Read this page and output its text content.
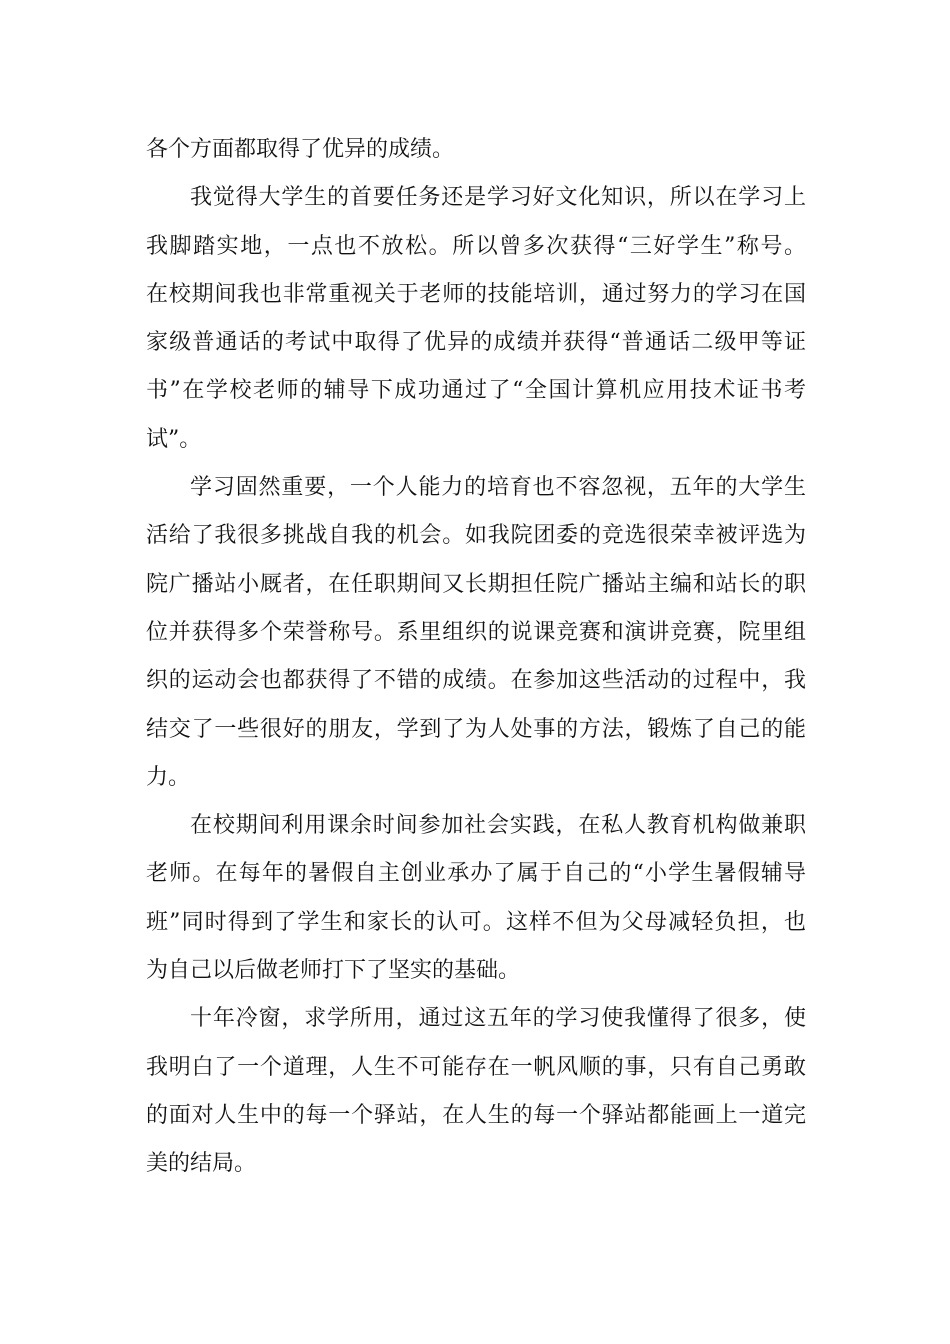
各个方面都取得了优异的成绩。
我觉得大学生的首要任务还是学习好文化知识，所以在学习上
我脚踏实地，一点也不放松。所以曾多次获得“三好学生”称号。
在校期间我也非常重视关于老师的技能培训，通过努力的学习在国
家级普通话的考试中取得了优异的成绩并获得“普通话二级甲等证
书”在学校老师的辅导下成功通过了“全国计算机应用技术证书考
试”。
学习固然重要，一个人能力的培育也不容忽视，五年的大学生
活给了我很多挑战自我的机会。如我院团委的竞选很荣幸被评选为
院广播站小厩者，在任职期间又长期担任院广播站主编和站长的职
位并获得多个荣誉称号。系里组织的说课竞赛和演讲竞赛，院里组
织的运动会也都获得了不错的成绩。在参加这些活动的过程中，我
结交了一些很好的朋友，学到了为人处事的方法，锻炼了自己的能
力。
在校期间利用课余时间参加社会实践，在私人教育机构做兼职
老师。在每年的暑假自主创业承办了属于自己的“小学生暑假辅导
班”同时得到了学生和家长的认可。这样不但为父母减轻负担，也
为自己以后做老师打下了坚实的基础。
十年冷窗，求学所用，通过这五年的学习使我懂得了很多，使
我明白了一个道理，人生不可能存在一帆风顺的事，只有自己勇敢
的面对人生中的每一个驿站，在人生的每一个驿站都能画上一道完
美的结局。
